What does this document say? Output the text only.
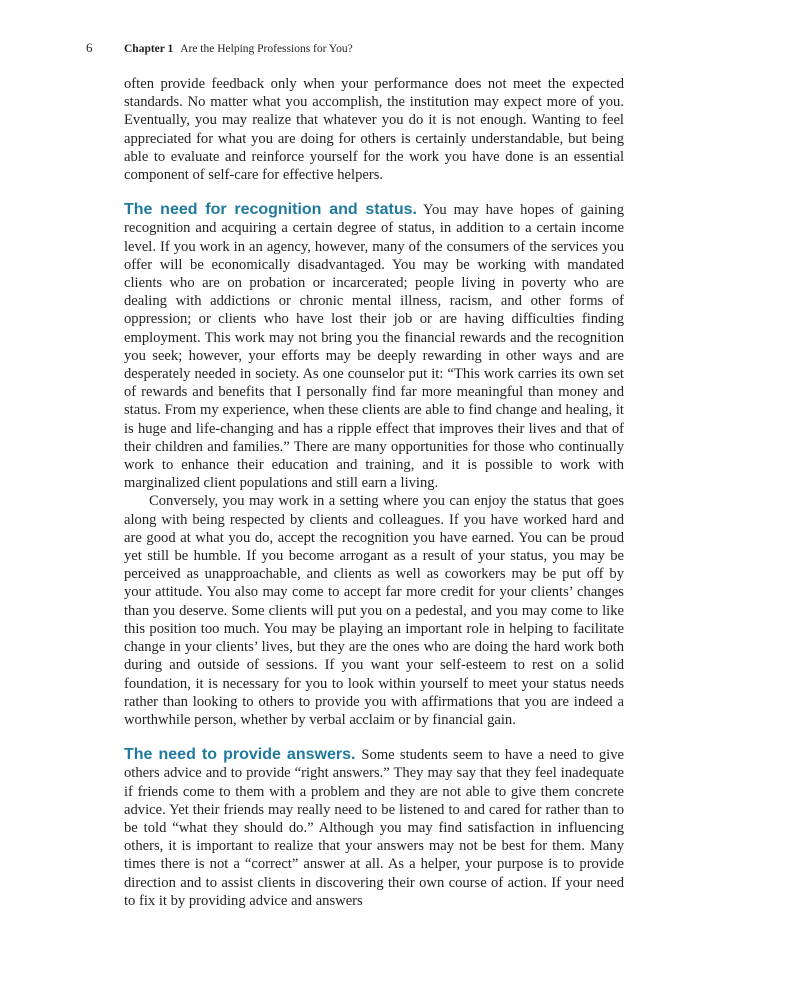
6	Chapter 1 Are the Helping Professions for You?

often provide feedback only when your performance does not meet the expected standards. No matter what you accomplish, the institution may expect more of you. Eventually, you may realize that whatever you do it is not enough. Wanting to feel appreciated for what you are doing for others is certainly understandable, but being able to evaluate and reinforce yourself for the work you have done is an essential component of self-care for effective helpers.

The need for recognition and status. You may have hopes of gaining recognition and acquiring a certain degree of status, in addition to a certain income level. If you work in an agency, however, many of the consumers of the services you offer will be economically disadvantaged. You may be working with mandated clients who are on probation or incarcerated; people living in poverty who are dealing with addictions or chronic mental illness, racism, and other forms of oppression; or clients who have lost their job or are having difficulties finding employment. This work may not bring you the financial rewards and the recognition you seek; however, your efforts may be deeply rewarding in other ways and are desperately needed in society. As one counselor put it: “This work carries its own set of rewards and benefits that I personally find far more meaningful than money and status. From my experience, when these clients are able to find change and healing, it is huge and life-changing and has a ripple effect that improves their lives and that of their children and families.” There are many opportunities for those who continually work to enhance their education and training, and it is possible to work with marginalized client populations and still earn a living.

Conversely, you may work in a setting where you can enjoy the status that goes along with being respected by clients and colleagues. If you have worked hard and are good at what you do, accept the recognition you have earned. You can be proud yet still be humble. If you become arrogant as a result of your status, you may be perceived as unapproachable, and clients as well as coworkers may be put off by your attitude. You also may come to accept far more credit for your clients’ changes than you deserve. Some clients will put you on a pedestal, and you may come to like this position too much. You may be playing an important role in helping to facilitate change in your clients’ lives, but they are the ones who are doing the hard work both during and outside of sessions. If you want your self-esteem to rest on a solid foundation, it is necessary for you to look within yourself to meet your status needs rather than looking to others to provide you with affirmations that you are indeed a worthwhile person, whether by verbal acclaim or by financial gain.

The need to provide answers. Some students seem to have a need to give others advice and to provide “right answers.” They may say that they feel inadequate if friends come to them with a problem and they are not able to give them concrete advice. Yet their friends may really need to be listened to and cared for rather than to be told “what they should do.” Although you may find satisfaction in influencing others, it is important to realize that your answers may not be best for them. Many times there is not a “correct” answer at all. As a helper, your purpose is to provide direction and to assist clients in discovering their own course of action. If your need to fix it by providing advice and answers
